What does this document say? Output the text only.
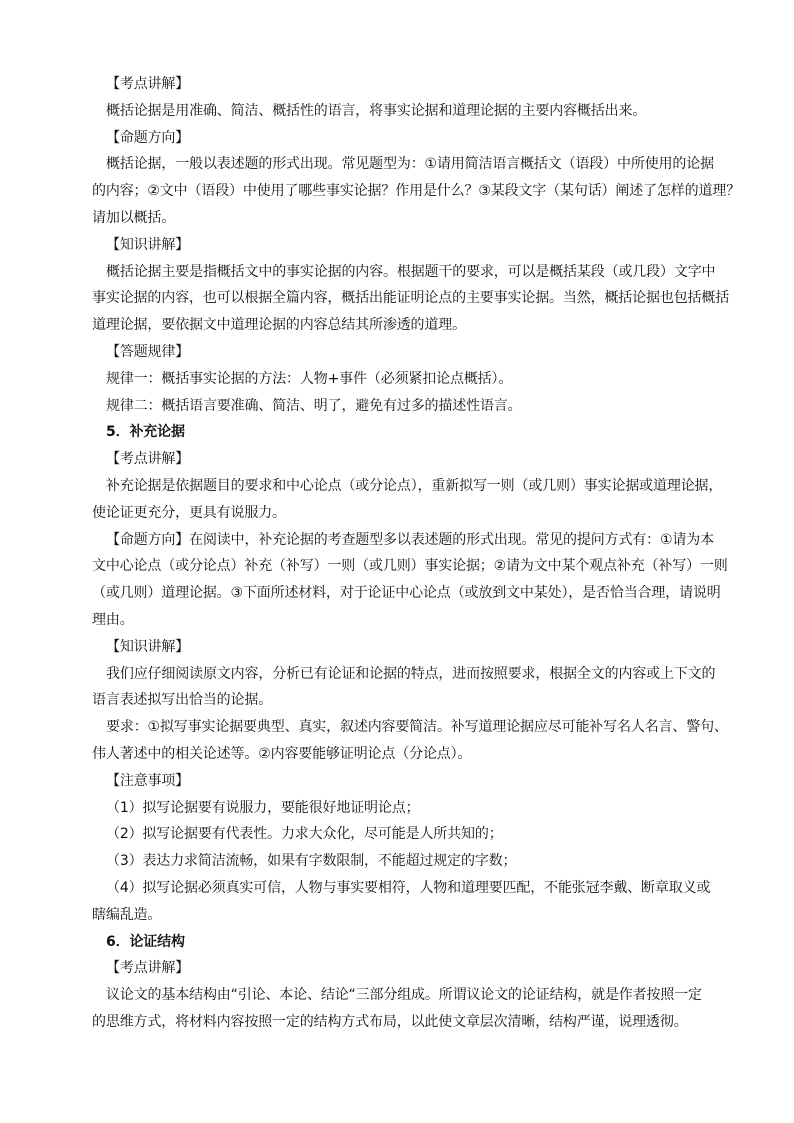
【考点讲解】

概括论据是用准确、简洁、概括性的语言，将事实论据和道理论据的主要内容概括出来。

【命题方向】

概括论据，一般以表述题的形式出现。常见题型为：①请用简洁语言概括文（语段）中所使用的论据

的内容；②文中（语段）中使用了哪些事实论据？作用是什么？③某段文字（某句话）阐述了怎样的道理？

请加以概括。

【知识讲解】

概括论据主要是指概括文中的事实论据的内容。根据题干的要求，可以是概括某段（或几段）文字中

事实论据的内容，也可以根据全篇内容，概括出能证明论点的主要事实论据。当然，概括论据也包括概括

道理论据，要依据文中道理论据的内容总结其所渗透的道理。

【答题规律】

规律一：概括事实论据的方法：人物+事件（必须紧扣论点概括）。

规律二：概括语言要准确、简洁、明了，避免有过多的描述性语言。

5．补充论据

【考点讲解】

补充论据是依据题目的要求和中心论点（或分论点），重新拟写一则（或几则）事实论据或道理论据，

使论证更充分，更具有说服力。

【命题方向】在阅读中，补充论据的考查题型多以表述题的形式出现。常见的提问方式有：①请为本

文中心论点（或分论点）补充（补写）一则（或几则）事实论据；②请为文中某个观点补充（补写）一则

（或几则）道理论据。③下面所述材料，对于论证中心论点（或放到文中某处），是否恰当合理，请说明

理由。

【知识讲解】

我们应仔细阅读原文内容，分析已有论证和论据的特点，进而按照要求，根据全文的内容或上下文的

语言表述拟写出恰当的论据。

要求：①拟写事实论据要典型、真实，叙述内容要简洁。补写道理论据应尽可能补写名人名言、警句、

伟人著述中的相关论述等。②内容要能够证明论点（分论点）。

【注意事项】

（1）拟写论据要有说服力，要能很好地证明论点；

（2）拟写论据要有代表性。力求大众化，尽可能是人所共知的；

（3）表达力求简洁流畅，如果有字数限制，不能超过规定的字数；

（4）拟写论据必须真实可信，人物与事实要相符，人物和道理要匹配，不能张冠李戴、断章取义或

瞎编乱造。

6．论证结构

【考点讲解】

议论文的基本结构由“引论、本论、结论“三部分组成。所谓议论文的论证结构，就是作者按照一定

的思维方式，将材料内容按照一定的结构方式布局，以此使文章层次清晰，结构严谨，说理透彻。
